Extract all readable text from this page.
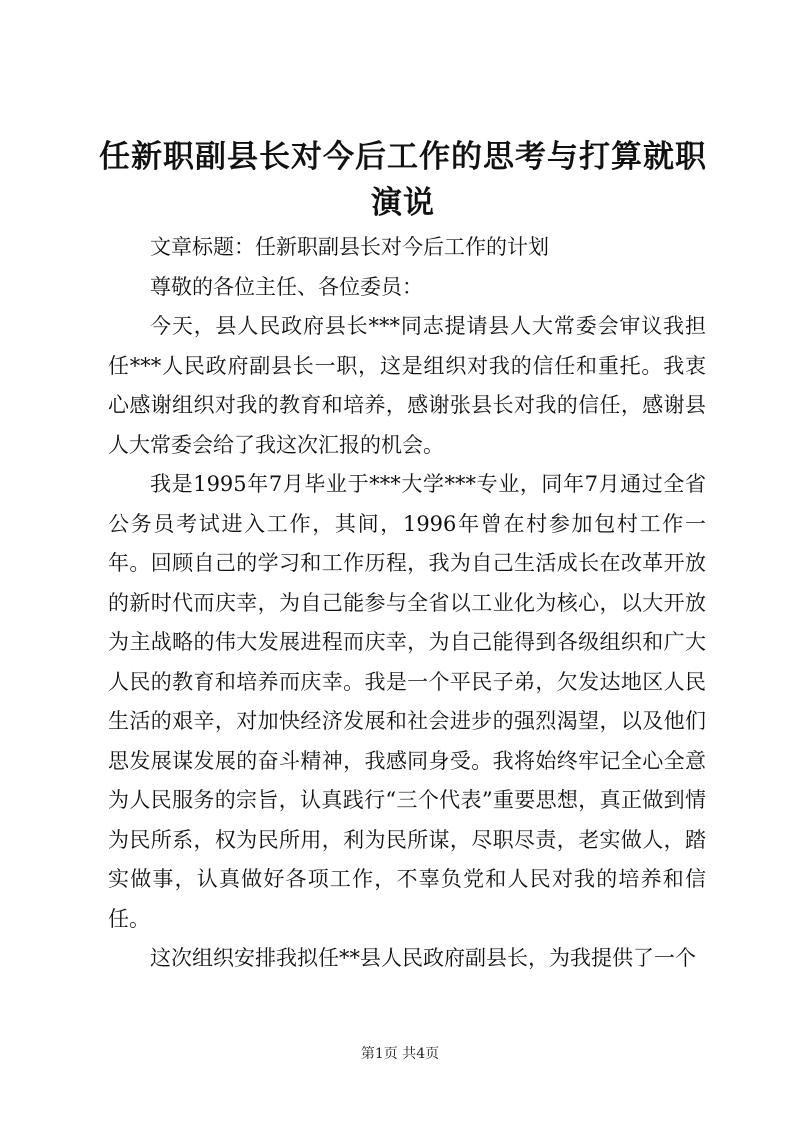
任新职副县长对今后工作的思考与打算就职演说

文章标题：任新职副县长对今后工作的计划

尊敬的各位主任、各位委员：

今天，县人民政府县长***同志提请县人大常委会审议我担任***人民政府副县长一职，这是组织对我的信任和重托。我衷心感谢组织对我的教育和培养，感谢张县长对我的信任，感谢县人大常委会给了我这次汇报的机会。

我是1995年7月毕业于***大学***专业，同年7月通过全省公务员考试进入工作，其间，1996年曾在村参加包村工作一年。回顾自己的学习和工作历程，我为自己生活成长在改革开放的新时代而庆幸，为自己能参与全省以工业化为核心，以大开放为主战略的伟大发展进程而庆幸，为自己能得到各级组织和广大人民的教育和培养而庆幸。我是一个平民子弟，欠发达地区人民生活的艰辛，对加快经济发展和社会进步的强烈渴望，以及他们思发展谋发展的奋斗精神，我感同身受。我将始终牢记全心全意为人民服务的宗旨，认真践行“三个代表”重要思想，真正做到情为民所系，权为民所用，利为民所谋，尽职尽责，老实做人，踏实做事，认真做好各项工作，不辜负党和人民对我的培养和信任。

这次组织安排我拟任**县人民政府副县长，为我提供了一个

第1页 共4页
